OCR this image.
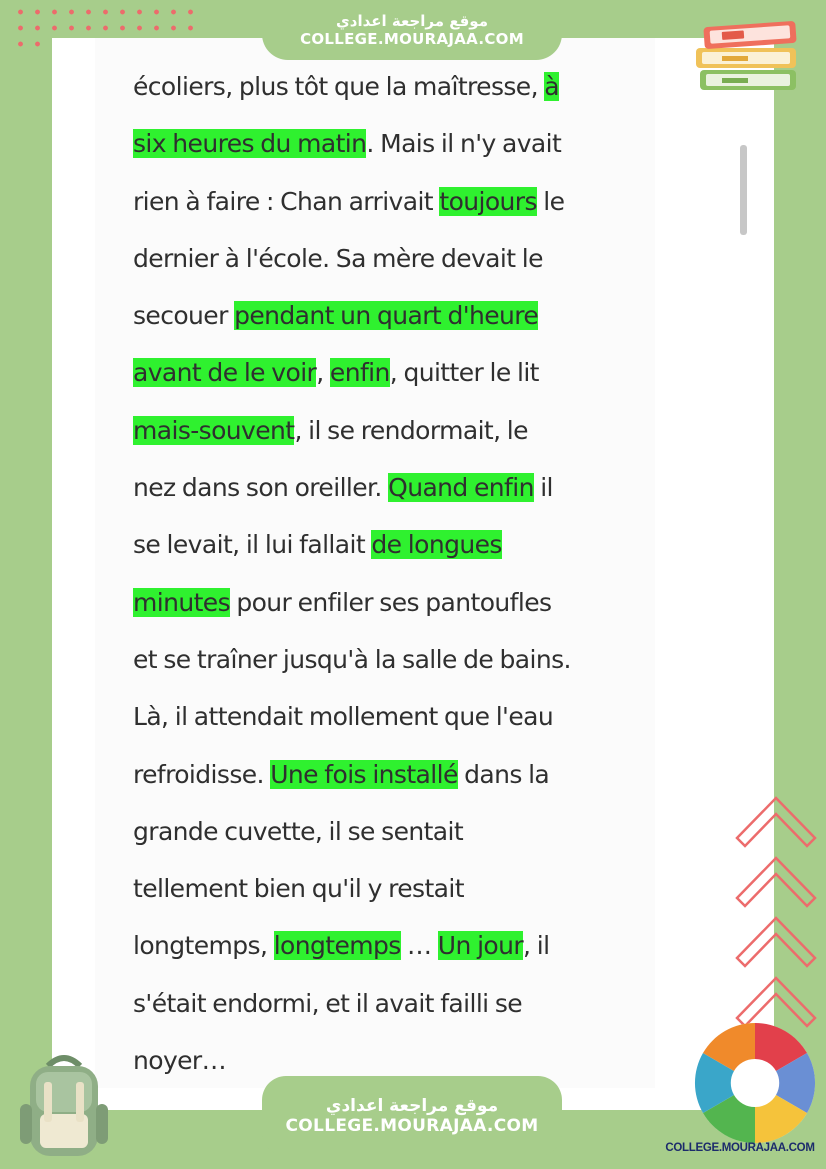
موقع مراجعة اعدادي
COLLEGE.MOURAJAA.COM
écoliers, plus tôt que la maîtresse, à
six heures du matin. Mais il n'y avait
rien à faire : Chan arrivait toujours le
dernier à l'école. Sa mère devait le
secouer pendant un quart d'heure
avant de le voir, enfin, quitter le lit
mais-souvent, il se rendormait, le
nez dans son oreiller. Quand enfin il
se levait, il lui fallait de longues
minutes pour enfiler ses pantoufles
et se traîner jusqu'à la salle de bains.
Là, il attendait mollement que l'eau
refroidisse. Une fois installé dans la
grande cuvette, il se sentait
tellement bien qu'il y restait
longtemps, longtemps … Un jour, il
s'était endormi, et il avait failli se
noyer…
موقع مراجعة اعدادي
COLLEGE.MOURAJAA.COM
COLLEGE.MOURAJAA.COM
